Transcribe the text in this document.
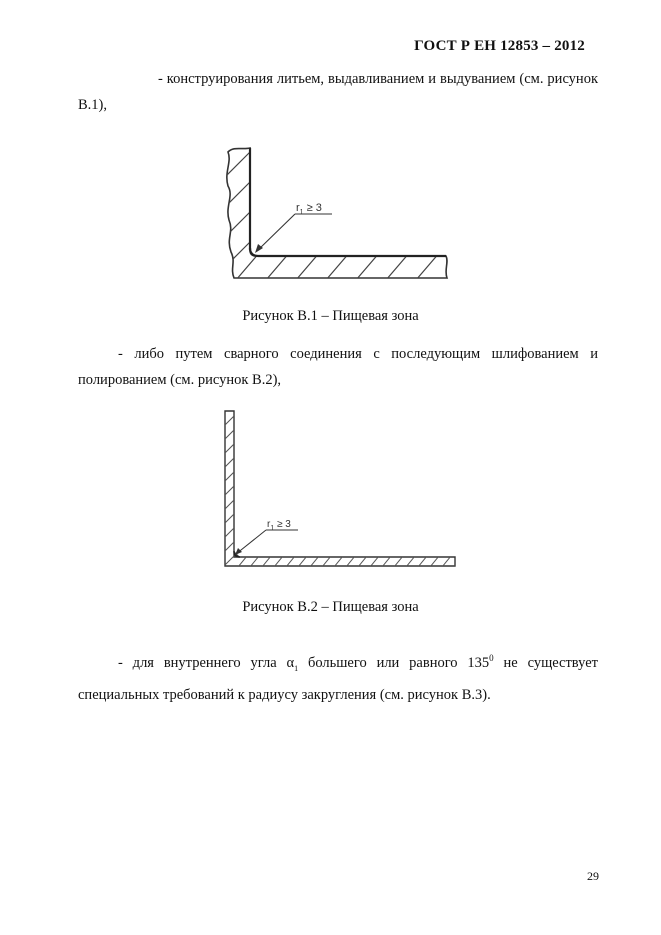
ГОСТ Р ЕН 12853 – 2012
- конструирования литьем, выдавливанием и выдуванием (см. рисунок В.1),
$r_1 \ge 3$
Рисунок В.1 – Пищевая зона
- либо путем сварного соединения с последующим шлифованием и полированием (см. рисунок В.2),
$r_1 \ge 3$
Рисунок В.2 – Пищевая зона
- для внутреннего угла $\alpha_1$ большего или равного $135^0$ не существует специальных требований к радиусу закругления (см. рисунок В.3).
29
